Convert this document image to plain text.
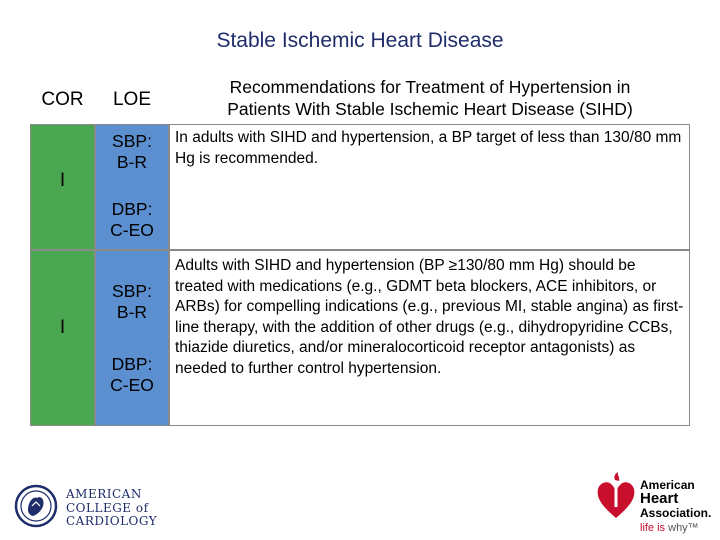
Stable Ischemic Heart Disease
COR	LOE
Recommendations for Treatment of Hypertension in
Patients With Stable Ischemic Heart Disease (SIHD)
I
SBP:
B-R
DBP:
C-EO
In adults with SIHD and hypertension, a BP target of less than 130/80 mm Hg is recommended.
I
SBP:
B-R
DBP:
C-EO
Adults with SIHD and hypertension (BP ≥130/80 mm Hg) should be treated with medications (e.g., GDMT beta blockers, ACE inhibitors, or ARBs) for compelling indications (e.g., previous MI, stable angina) as first-line therapy, with the addition of other drugs (e.g., dihydropyridine CCBs, thiazide diuretics, and/or mineralocorticoid receptor antagonists) as needed to further control hypertension.
AMERICAN
COLLEGE of
CARDIOLOGY
American
Heart
Association.
life is why™
